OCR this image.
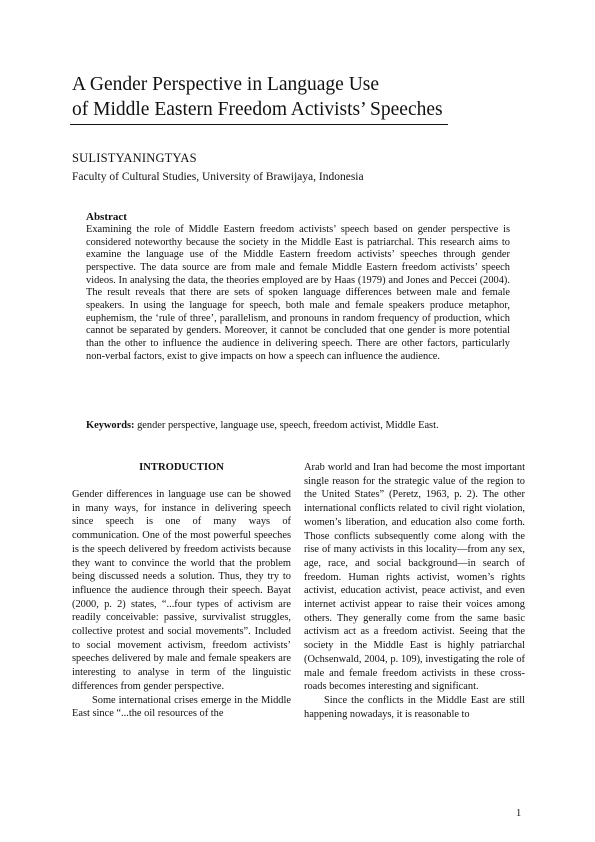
A Gender Perspective in Language Use
of Middle Eastern Freedom Activists’ Speeches
SULISTYANINGTYAS
Faculty of Cultural Studies, University of Brawijaya, Indonesia
Abstract
Examining the role of Middle Eastern freedom activists’ speech based on gender perspective is considered noteworthy because the society in the Middle East is patriarchal. This research aims to examine the language use of the Middle Eastern freedom activists’ speeches through gender perspective. The data source are from male and female Middle Eastern freedom activists’ speech videos. In analysing the data, the theories employed are by Haas (1979) and Jones and Peccei (2004). The result reveals that there are sets of spoken language differences between male and female speakers. In using the language for speech, both male and female speakers produce metaphor, euphemism, the ‘rule of three’, parallelism, and pronouns in random frequency of production, which cannot be separated by genders. Moreover, it cannot be concluded that one gender is more potential than the other to influence the audience in delivering speech. There are other factors, particularly non-verbal factors, exist to give impacts on how a speech can influence the audience.
Keywords: gender perspective, language use, speech, freedom activist, Middle East.
INTRODUCTION

Gender differences in language use can be showed in many ways, for instance in delivering speech since speech is one of many ways of communication. One of the most powerful speeches is the speech delivered by freedom activists because they want to convince the world that the problem being discussed needs a solution. Thus, they try to influence the audience through their speech. Bayat (2000, p. 2) states, “...four types of activism are readily conceivable: passive, survivalist struggles, collective protest and social movements”. Included to social movement activism, freedom activists’ speeches delivered by male and female speakers are interesting to analyse in term of the linguistic differences from gender perspective.

Some international crises emerge in the Middle East since “...the oil resources of the

Arab world and Iran had become the most important single reason for the strategic value of the region to the United States” (Peretz, 1963, p. 2). The other international conflicts related to civil right violation, women’s liberation, and education also come forth. Those conflicts subsequently come along with the rise of many activists in this locality—from any sex, age, race, and social background—in search of freedom. Human rights activist, women’s rights activist, education activist, peace activist, and even internet activist appear to raise their voices among others. They generally come from the same basic activism act as a freedom activist. Seeing that the society in the Middle East is highly patriarchal (Ochsenwald, 2004, p. 109), investigating the role of male and female freedom activists in these cross-roads becomes interesting and significant.

Since the conflicts in the Middle East are still happening nowadays, it is reasonable to

1
